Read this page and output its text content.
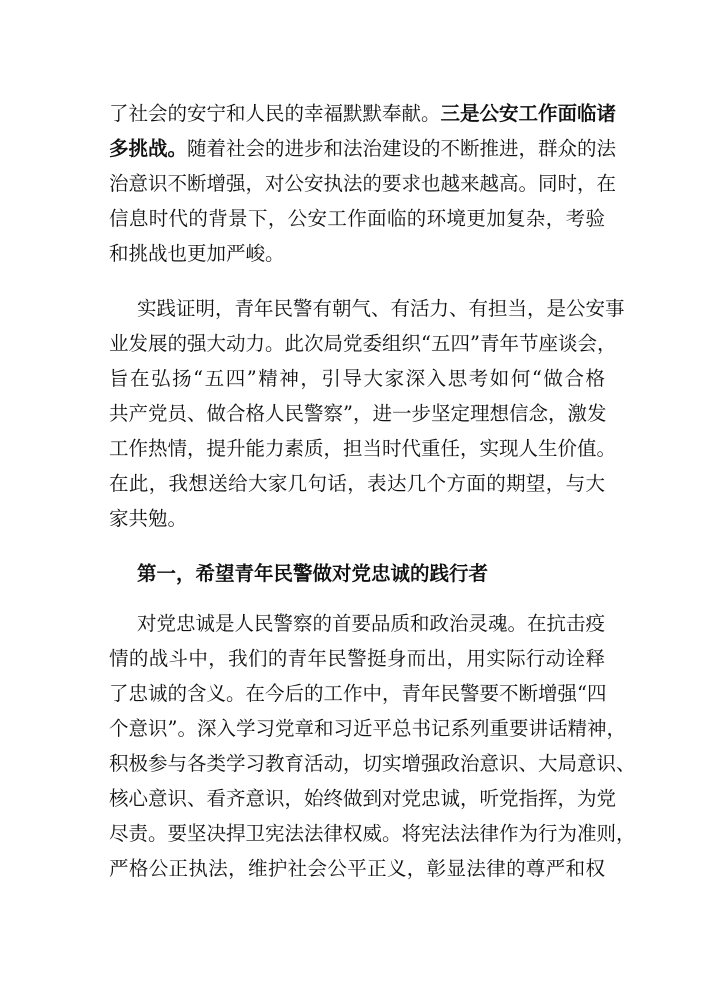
了社会的安宁和人民的幸福默默奉献。三是公安工作面临诸
多挑战。随着社会的进步和法治建设的不断推进，群众的法
治意识不断增强，对公安执法的要求也越来越高。同时，在
信息时代的背景下，公安工作面临的环境更加复杂，考验
和挑战也更加严峻。
实践证明，青年民警有朝气、有活力、有担当，是公安事
业发展的强大动力。此次局党委组织“五四”青年节座谈会，
旨在弘扬“五四”精神，引导大家深入思考如何“做合格
共产党员、做合格人民警察”，进一步坚定理想信念，激发
工作热情，提升能力素质，担当时代重任，实现人生价值。
在此，我想送给大家几句话，表达几个方面的期望，与大
家共勉。
第一，希望青年民警做对党忠诚的践行者
对党忠诚是人民警察的首要品质和政治灵魂。在抗击疫
情的战斗中，我们的青年民警挺身而出，用实际行动诠释
了忠诚的含义。在今后的工作中，青年民警要不断增强“四
个意识”。深入学习党章和习近平总书记系列重要讲话精神，
积极参与各类学习教育活动，切实增强政治意识、大局意识、
核心意识、看齐意识，始终做到对党忠诚，听党指挥，为党
尽责。要坚决捍卫宪法法律权威。将宪法法律作为行为准则，
严格公正执法，维护社会公平正义，彰显法律的尊严和权
